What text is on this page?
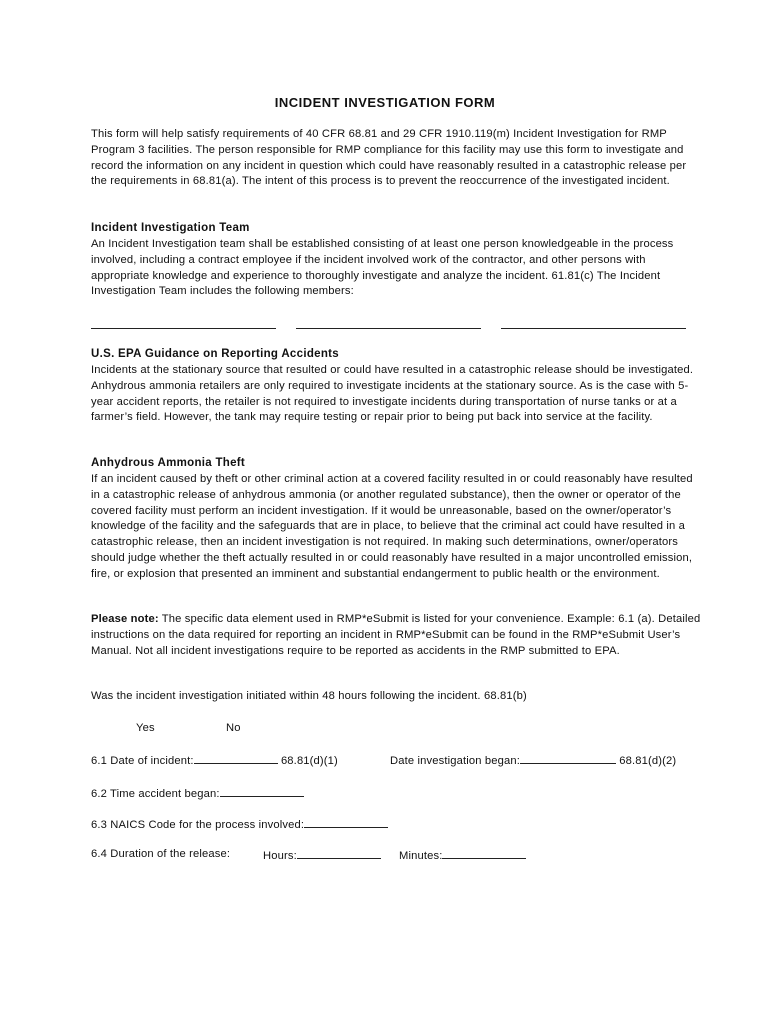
INCIDENT INVESTIGATION FORM
This form will help satisfy requirements of 40 CFR 68.81 and 29 CFR 1910.119(m) Incident Investigation for RMP Program 3 facilities. The person responsible for RMP compliance for this facility may use this form to investigate and record the information on any incident in question which could have reasonably resulted in a catastrophic release per the requirements in 68.81(a). The intent of this process is to prevent the reoccurrence of the investigated incident.
Incident Investigation Team
An Incident Investigation team shall be established consisting of at least one person knowledgeable in the process involved, including a contract employee if the incident involved work of the contractor, and other persons with appropriate knowledge and experience to thoroughly investigate and analyze the incident. 61.81(c) The Incident Investigation Team includes the following members:
U.S. EPA Guidance on Reporting Accidents
Incidents at the stationary source that resulted or could have resulted in a catastrophic release should be investigated. Anhydrous ammonia retailers are only required to investigate incidents at the stationary source. As is the case with 5-year accident reports, the retailer is not required to investigate incidents during transportation of nurse tanks or at a farmer’s field. However, the tank may require testing or repair prior to being put back into service at the facility.
Anhydrous Ammonia Theft
If an incident caused by theft or other criminal action at a covered facility resulted in or could reasonably have resulted in a catastrophic release of anhydrous ammonia (or another regulated substance), then the owner or operator of the covered facility must perform an incident investigation. If it would be unreasonable, based on the owner/operator’s knowledge of the facility and the safeguards that are in place, to believe that the criminal act could have resulted in a catastrophic release, then an incident investigation is not required. In making such determinations, owner/operators should judge whether the theft actually resulted in or could reasonably have resulted in a major uncontrolled emission, fire, or explosion that presented an imminent and substantial endangerment to public health or the environment.
Please note: The specific data element used in RMP*eSubmit is listed for your convenience. Example: 6.1 (a). Detailed instructions on the data required for reporting an incident in RMP*eSubmit can be found in the RMP*eSubmit User’s Manual. Not all incident investigations require to be reported as accidents in the RMP submitted to EPA.
Was the incident investigation initiated within 48 hours following the incident. 68.81(b)
Yes	No
6.1 Date of incident:	68.81(d)(1)	Date investigation began:	68.81(d)(2)
6.2 Time accident began:
6.3 NAICS Code for the process involved:
6.4 Duration of the release:	Hours:	Minutes:
